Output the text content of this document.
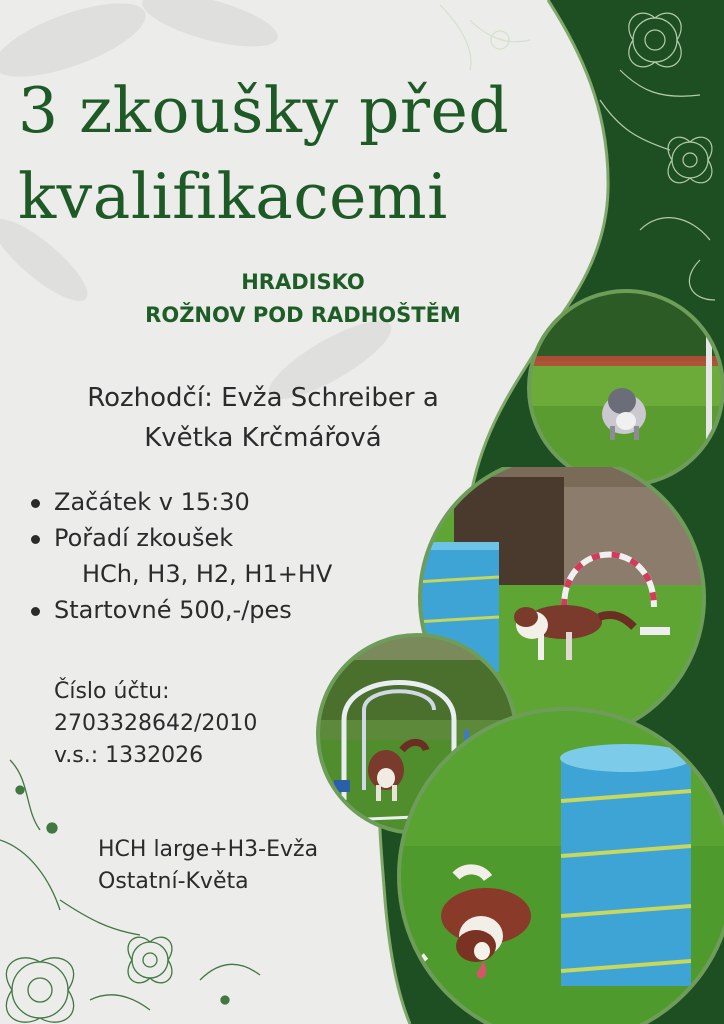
3 zkoušky před
kvalifikacemi
HRADISKO
ROŽNOV POD RADHOŠTĚM
Rozhodčí: Evža Schreiber a
Květka Krčmářová
Začátek v 15:30
Pořadí zkoušek
HCh, H3, H2, H1+HV
Startovné 500,-/pes
Číslo účtu:
2703328642/2010
v.s.: 1332026
HCH large+H3-Evža
Ostatní-Květa
